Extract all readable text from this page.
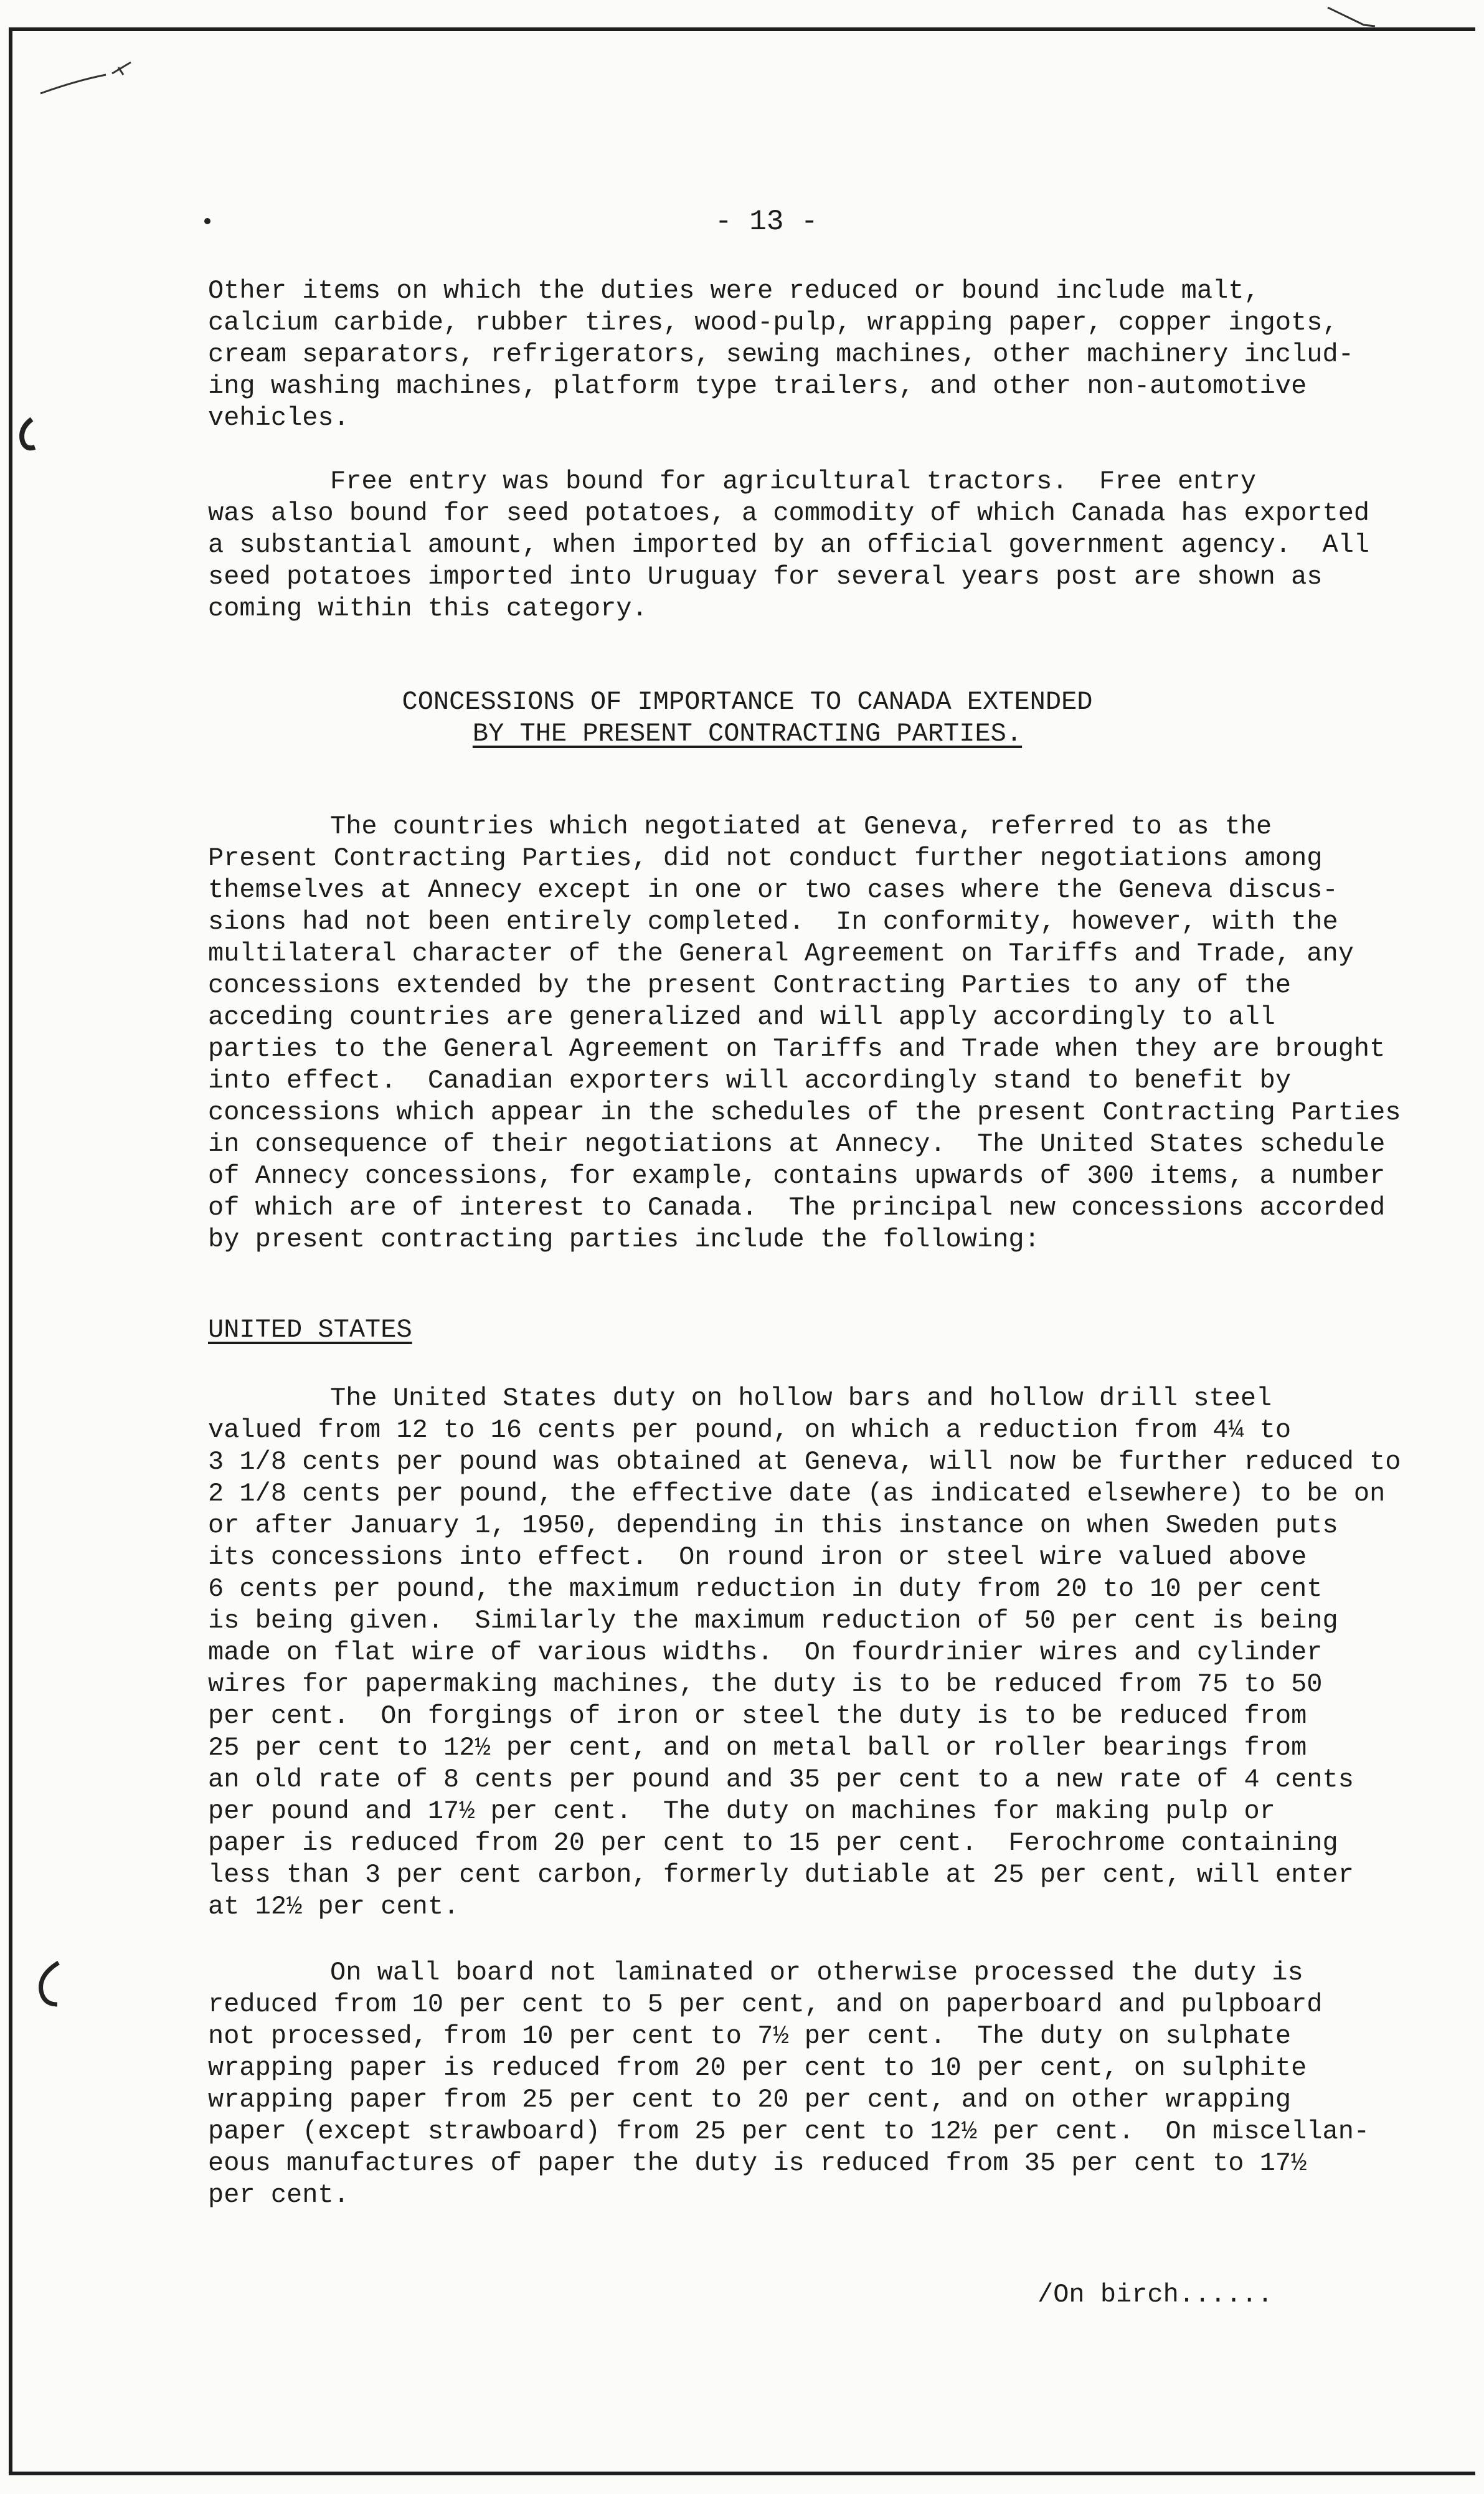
- 13 -
Other items on which the duties were reduced or bound include malt,
calcium carbide, rubber tires, wood-pulp, wrapping paper, copper ingots,
cream separators, refrigerators, sewing machines, other machinery includ-
ing washing machines, platform type trailers, and other non-automotive
vehicles.
Free entry was bound for agricultural tractors.  Free entry
was also bound for seed potatoes, a commodity of which Canada has exported
a substantial amount, when imported by an official government agency.  All
seed potatoes imported into Uruguay for several years post are shown as
coming within this category.
CONCESSIONS OF IMPORTANCE TO CANADA EXTENDED
BY THE PRESENT CONTRACTING PARTIES.
The countries which negotiated at Geneva, referred to as the
Present Contracting Parties, did not conduct further negotiations among
themselves at Annecy except in one or two cases where the Geneva discus-
sions had not been entirely completed.  In conformity, however, with the
multilateral character of the General Agreement on Tariffs and Trade, any
concessions extended by the present Contracting Parties to any of the
acceding countries are generalized and will apply accordingly to all
parties to the General Agreement on Tariffs and Trade when they are brought
into effect.  Canadian exporters will accordingly stand to benefit by
concessions which appear in the schedules of the present Contracting Parties
in consequence of their negotiations at Annecy.  The United States schedule
of Annecy concessions, for example, contains upwards of 300 items, a number
of which are of interest to Canada.  The principal new concessions accorded
by present contracting parties include the following:
UNITED STATES
The United States duty on hollow bars and hollow drill steel
valued from 12 to 16 cents per pound, on which a reduction from 4¼ to
3 1/8 cents per pound was obtained at Geneva, will now be further reduced to
2 1/8 cents per pound, the effective date (as indicated elsewhere) to be on
or after January 1, 1950, depending in this instance on when Sweden puts
its concessions into effect.  On round iron or steel wire valued above
6 cents per pound, the maximum reduction in duty from 20 to 10 per cent
is being given.  Similarly the maximum reduction of 50 per cent is being
made on flat wire of various widths.  On fourdrinier wires and cylinder
wires for papermaking machines, the duty is to be reduced from 75 to 50
per cent.  On forgings of iron or steel the duty is to be reduced from
25 per cent to 12½ per cent, and on metal ball or roller bearings from
an old rate of 8 cents per pound and 35 per cent to a new rate of 4 cents
per pound and 17½ per cent.  The duty on machines for making pulp or
paper is reduced from 20 per cent to 15 per cent.  Ferochrome containing
less than 3 per cent carbon, formerly dutiable at 25 per cent, will enter
at 12½ per cent.
On wall board not laminated or otherwise processed the duty is
reduced from 10 per cent to 5 per cent, and on paperboard and pulpboard
not processed, from 10 per cent to 7½ per cent.  The duty on sulphate
wrapping paper is reduced from 20 per cent to 10 per cent, on sulphite
wrapping paper from 25 per cent to 20 per cent, and on other wrapping
paper (except strawboard) from 25 per cent to 12½ per cent.  On miscellan-
eous manufactures of paper the duty is reduced from 35 per cent to 17½
per cent.
/On birch......
